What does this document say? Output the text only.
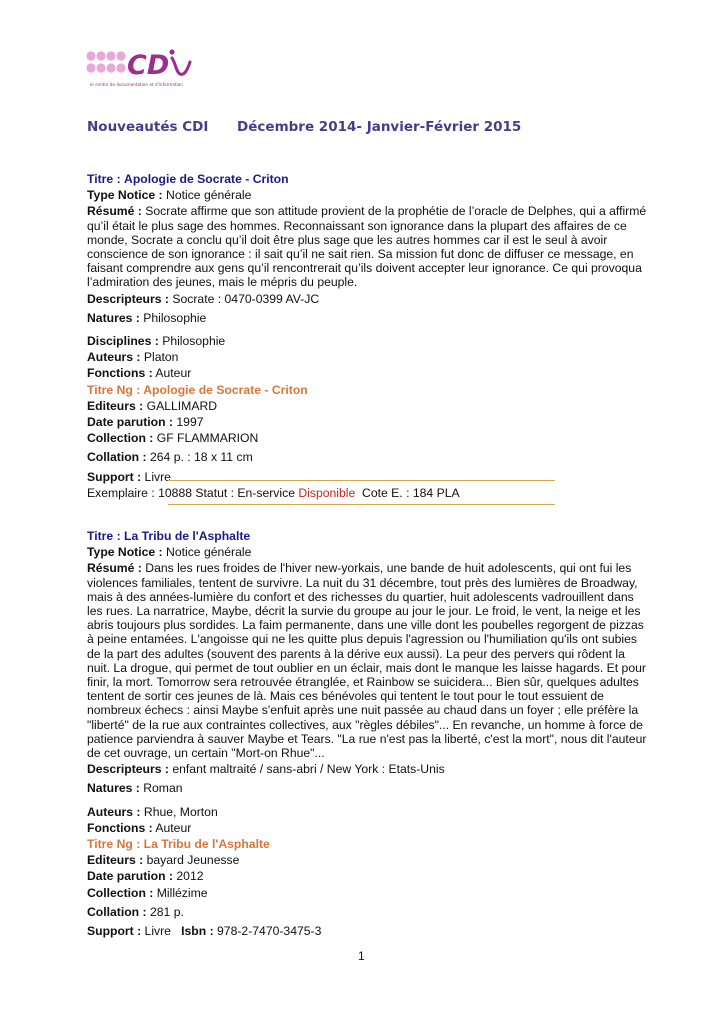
CD
le centre de documentation et d'information
Nouveautés CDI Décembre 2014- Janvier-Février 2015
Titre : Apologie de Socrate - Criton
Type Notice : Notice générale
Résumé : Socrate affirme que son attitude provient de la prophétie de l’oracle de Delphes, qui a affirmé qu’il était le plus sage des hommes. Reconnaissant son ignorance dans la plupart des affaires de ce monde, Socrate a conclu qu’il doit être plus sage que les autres hommes car il est le seul à avoir conscience de son ignorance : il sait qu’il ne sait rien. Sa mission fut donc de diffuser ce message, en faisant comprendre aux gens qu’il rencontrerait qu’ils doivent accepter leur ignorance. Ce qui provoqua l’admiration des jeunes, mais le mépris du peuple.
Descripteurs : Socrate : 0470-0399 AV-JC
Natures : Philosophie
Disciplines : Philosophie
Auteurs : Platon
Fonctions : Auteur
Titre Ng : Apologie de Socrate - Criton
Editeurs : GALLIMARD
Date parution : 1997
Collection : GF FLAMMARION
Collation : 264 p. : 18 x 11 cm
Support : Livre
Exemplaire : 10888 Statut : En-service Disponible  Cote E. : 184 PLA
Titre : La Tribu de l'Asphalte
Type Notice : Notice générale
Résumé : Dans les rues froides de l'hiver new-yorkais, une bande de huit adolescents, qui ont fui les violences familiales, tentent de survivre. La nuit du 31 décembre, tout près des lumières de Broadway, mais à des années-lumière du confort et des richesses du quartier, huit adolescents vadrouillent dans les rues. La narratrice, Maybe, décrit la survie du groupe au jour le jour. Le froid, le vent, la neige et les abris toujours plus sordides. La faim permanente, dans une ville dont les poubelles regorgent de pizzas à peine entamées. L'angoisse qui ne les quitte plus depuis l'agression ou l'humiliation qu'ils ont subies de la part des adultes (souvent des parents à la dérive eux aussi). La peur des pervers qui rôdent la nuit. La drogue, qui permet de tout oublier en un éclair, mais dont le manque les laisse hagards. Et pour finir, la mort. Tomorrow sera retrouvée étranglée, et Rainbow se suicidera... Bien sûr, quelques adultes tentent de sortir ces jeunes de là. Mais ces bénévoles qui tentent le tout pour le tout essuient de nombreux échecs : ainsi Maybe s'enfuit après une nuit passée au chaud dans un foyer ; elle préfère la "liberté" de la rue aux contraintes collectives, aux "règles débiles"... En revanche, un homme à force de patience parviendra à sauver Maybe et Tears. "La rue n'est pas la liberté, c'est la mort", nous dit l'auteur de cet ouvrage, un certain "Mort-on Rhue"...
Descripteurs : enfant maltraité / sans-abri / New York : Etats-Unis
Natures : Roman
Auteurs : Rhue, Morton
Fonctions : Auteur
Titre Ng : La Tribu de l'Asphalte
Editeurs : bayard Jeunesse
Date parution : 2012
Collection : Millézime
Collation : 281 p.
Support : Livre Isbn : 978-2-7470-3475-3
1
